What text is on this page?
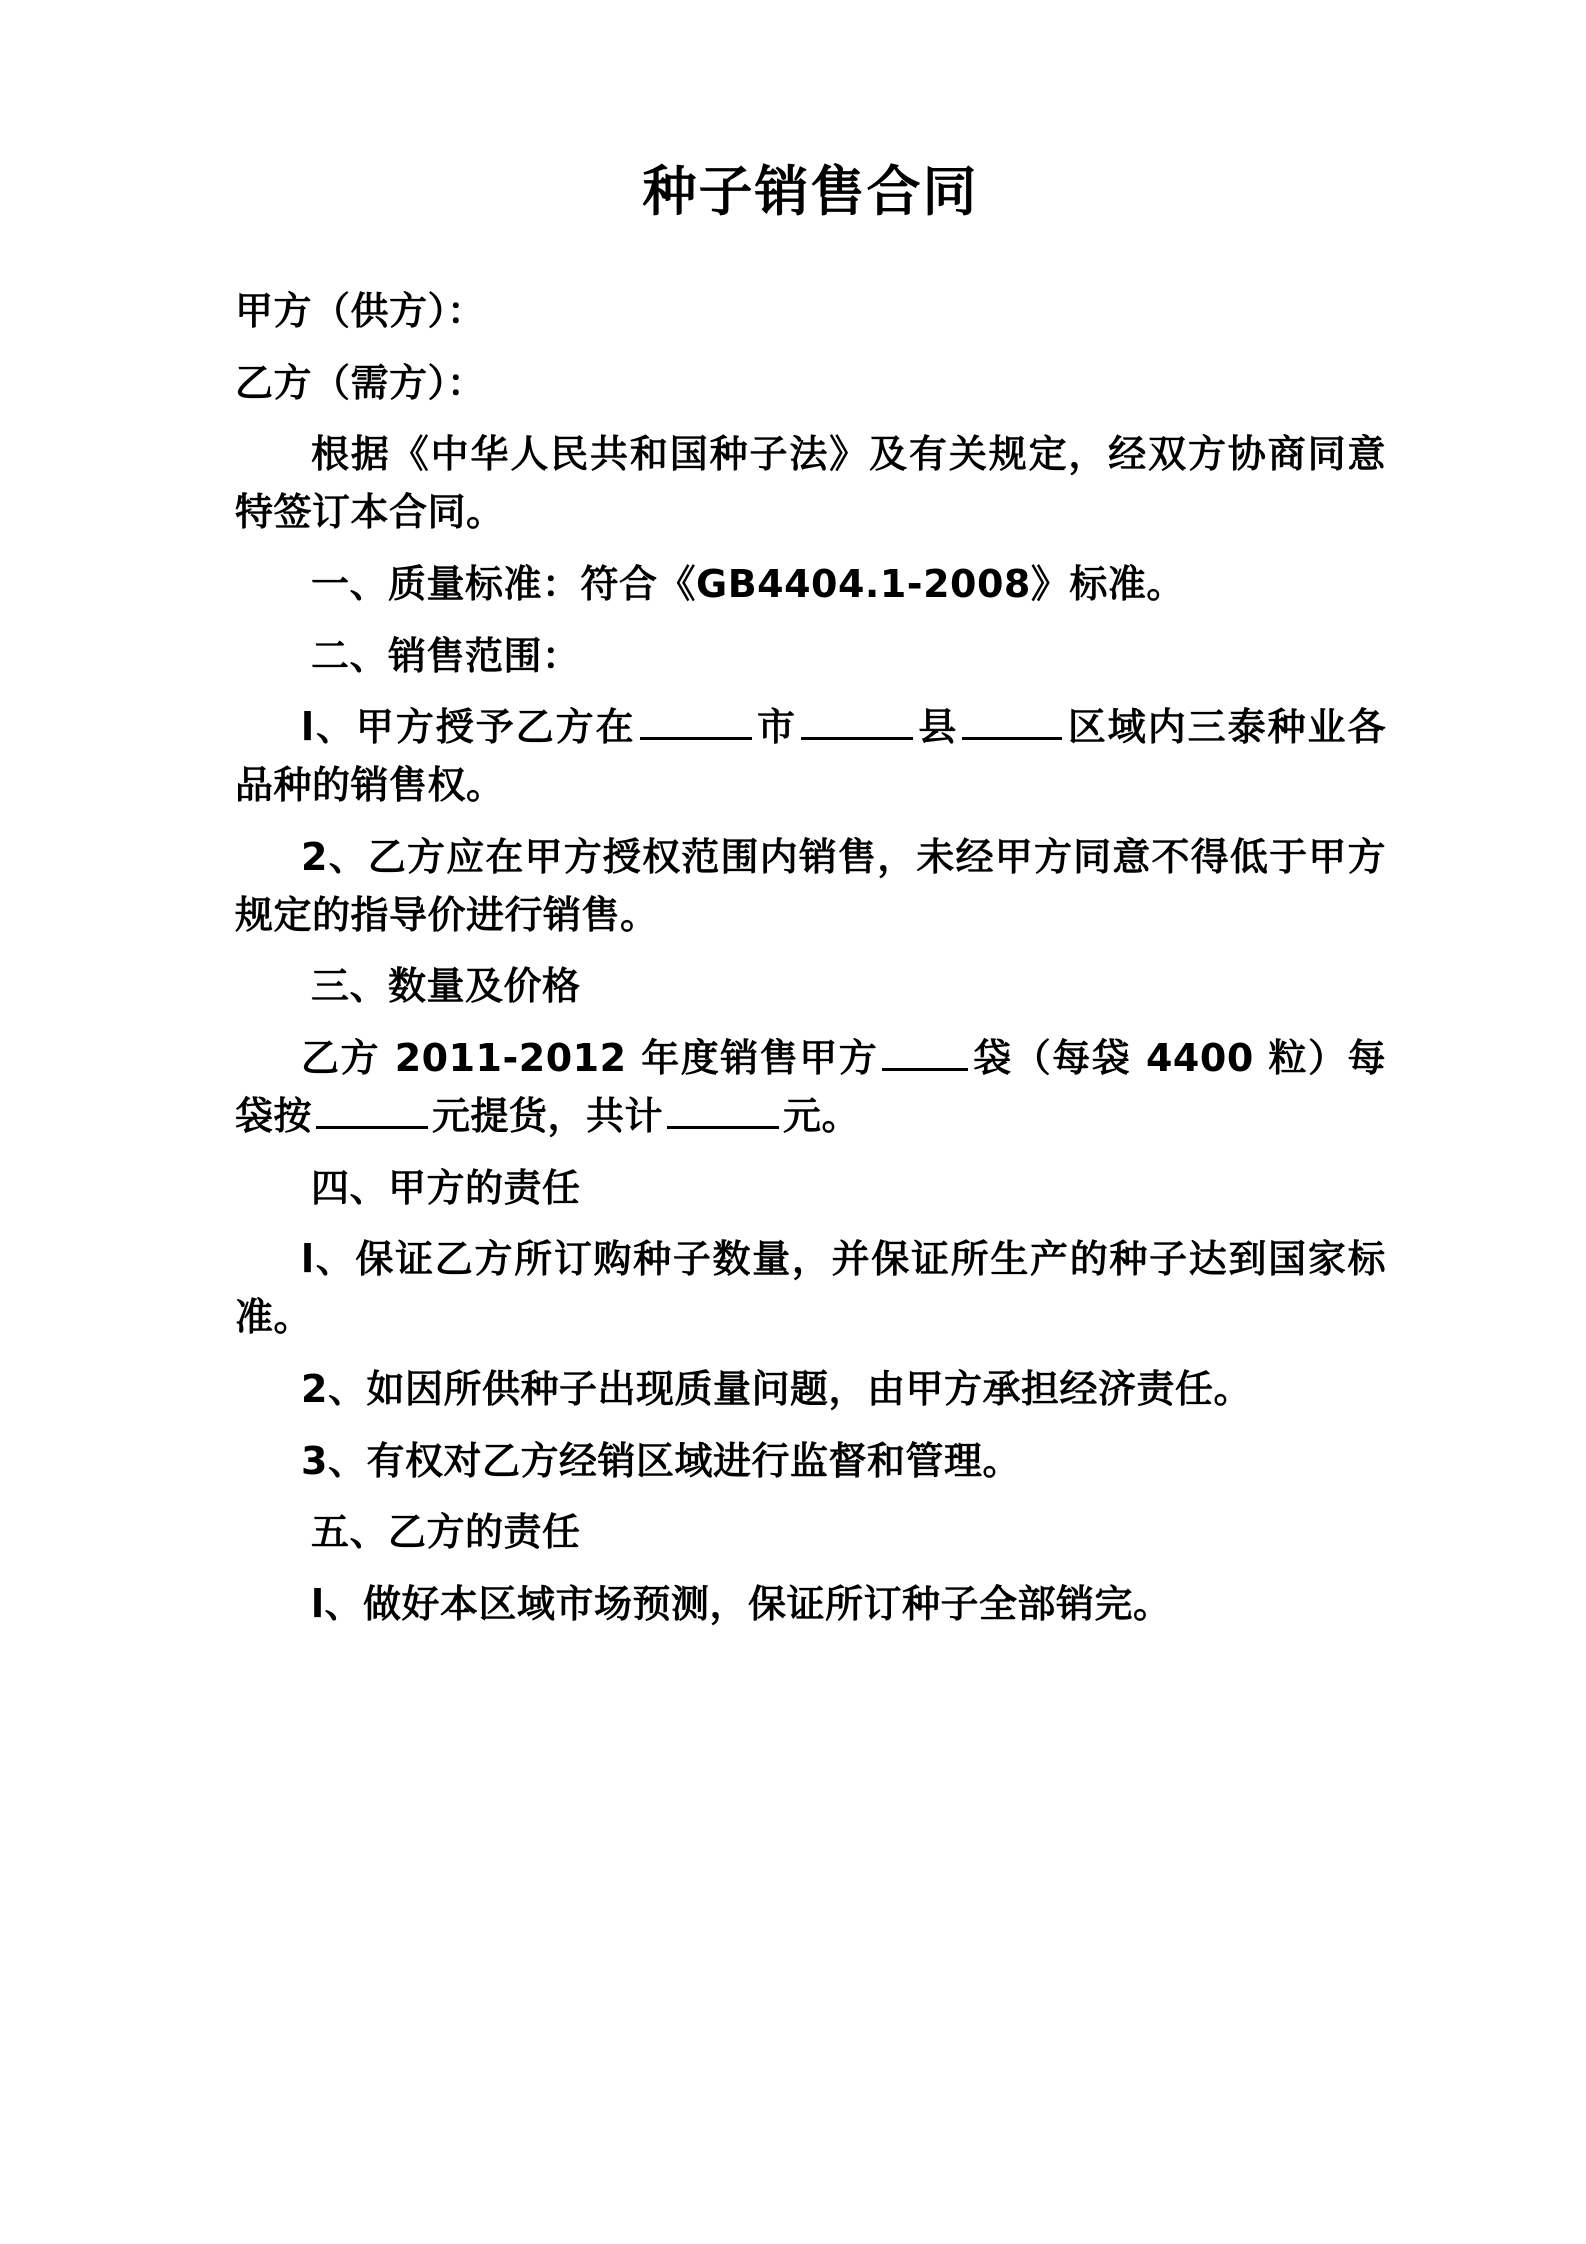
种子销售合同

甲方（供方）：

乙方（需方）：

根据《中华人民共和国种子法》及有关规定，经双方协商同意特签订本合同。

一、质量标准：符合《GB4404.1-2008》标准。

二、销售范围：

l、甲方授予乙方在	市	县	区域内三泰种业各品种的销售权。

2、乙方应在甲方授权范围内销售，未经甲方同意不得低于甲方规定的指导价进行销售。

三、数量及价格

乙方 2011-2012 年度销售甲方 袋（每袋 4400 粒）每袋按	元提货，共计	元。

四、甲方的责任

l、保证乙方所订购种子数量，并保证所生产的种子达到国家标准。

2、如因所供种子出现质量问题，由甲方承担经济责任。

3、有权对乙方经销区域进行监督和管理。

五、乙方的责任

l、做好本区域市场预测，保证所订种子全部销完。
